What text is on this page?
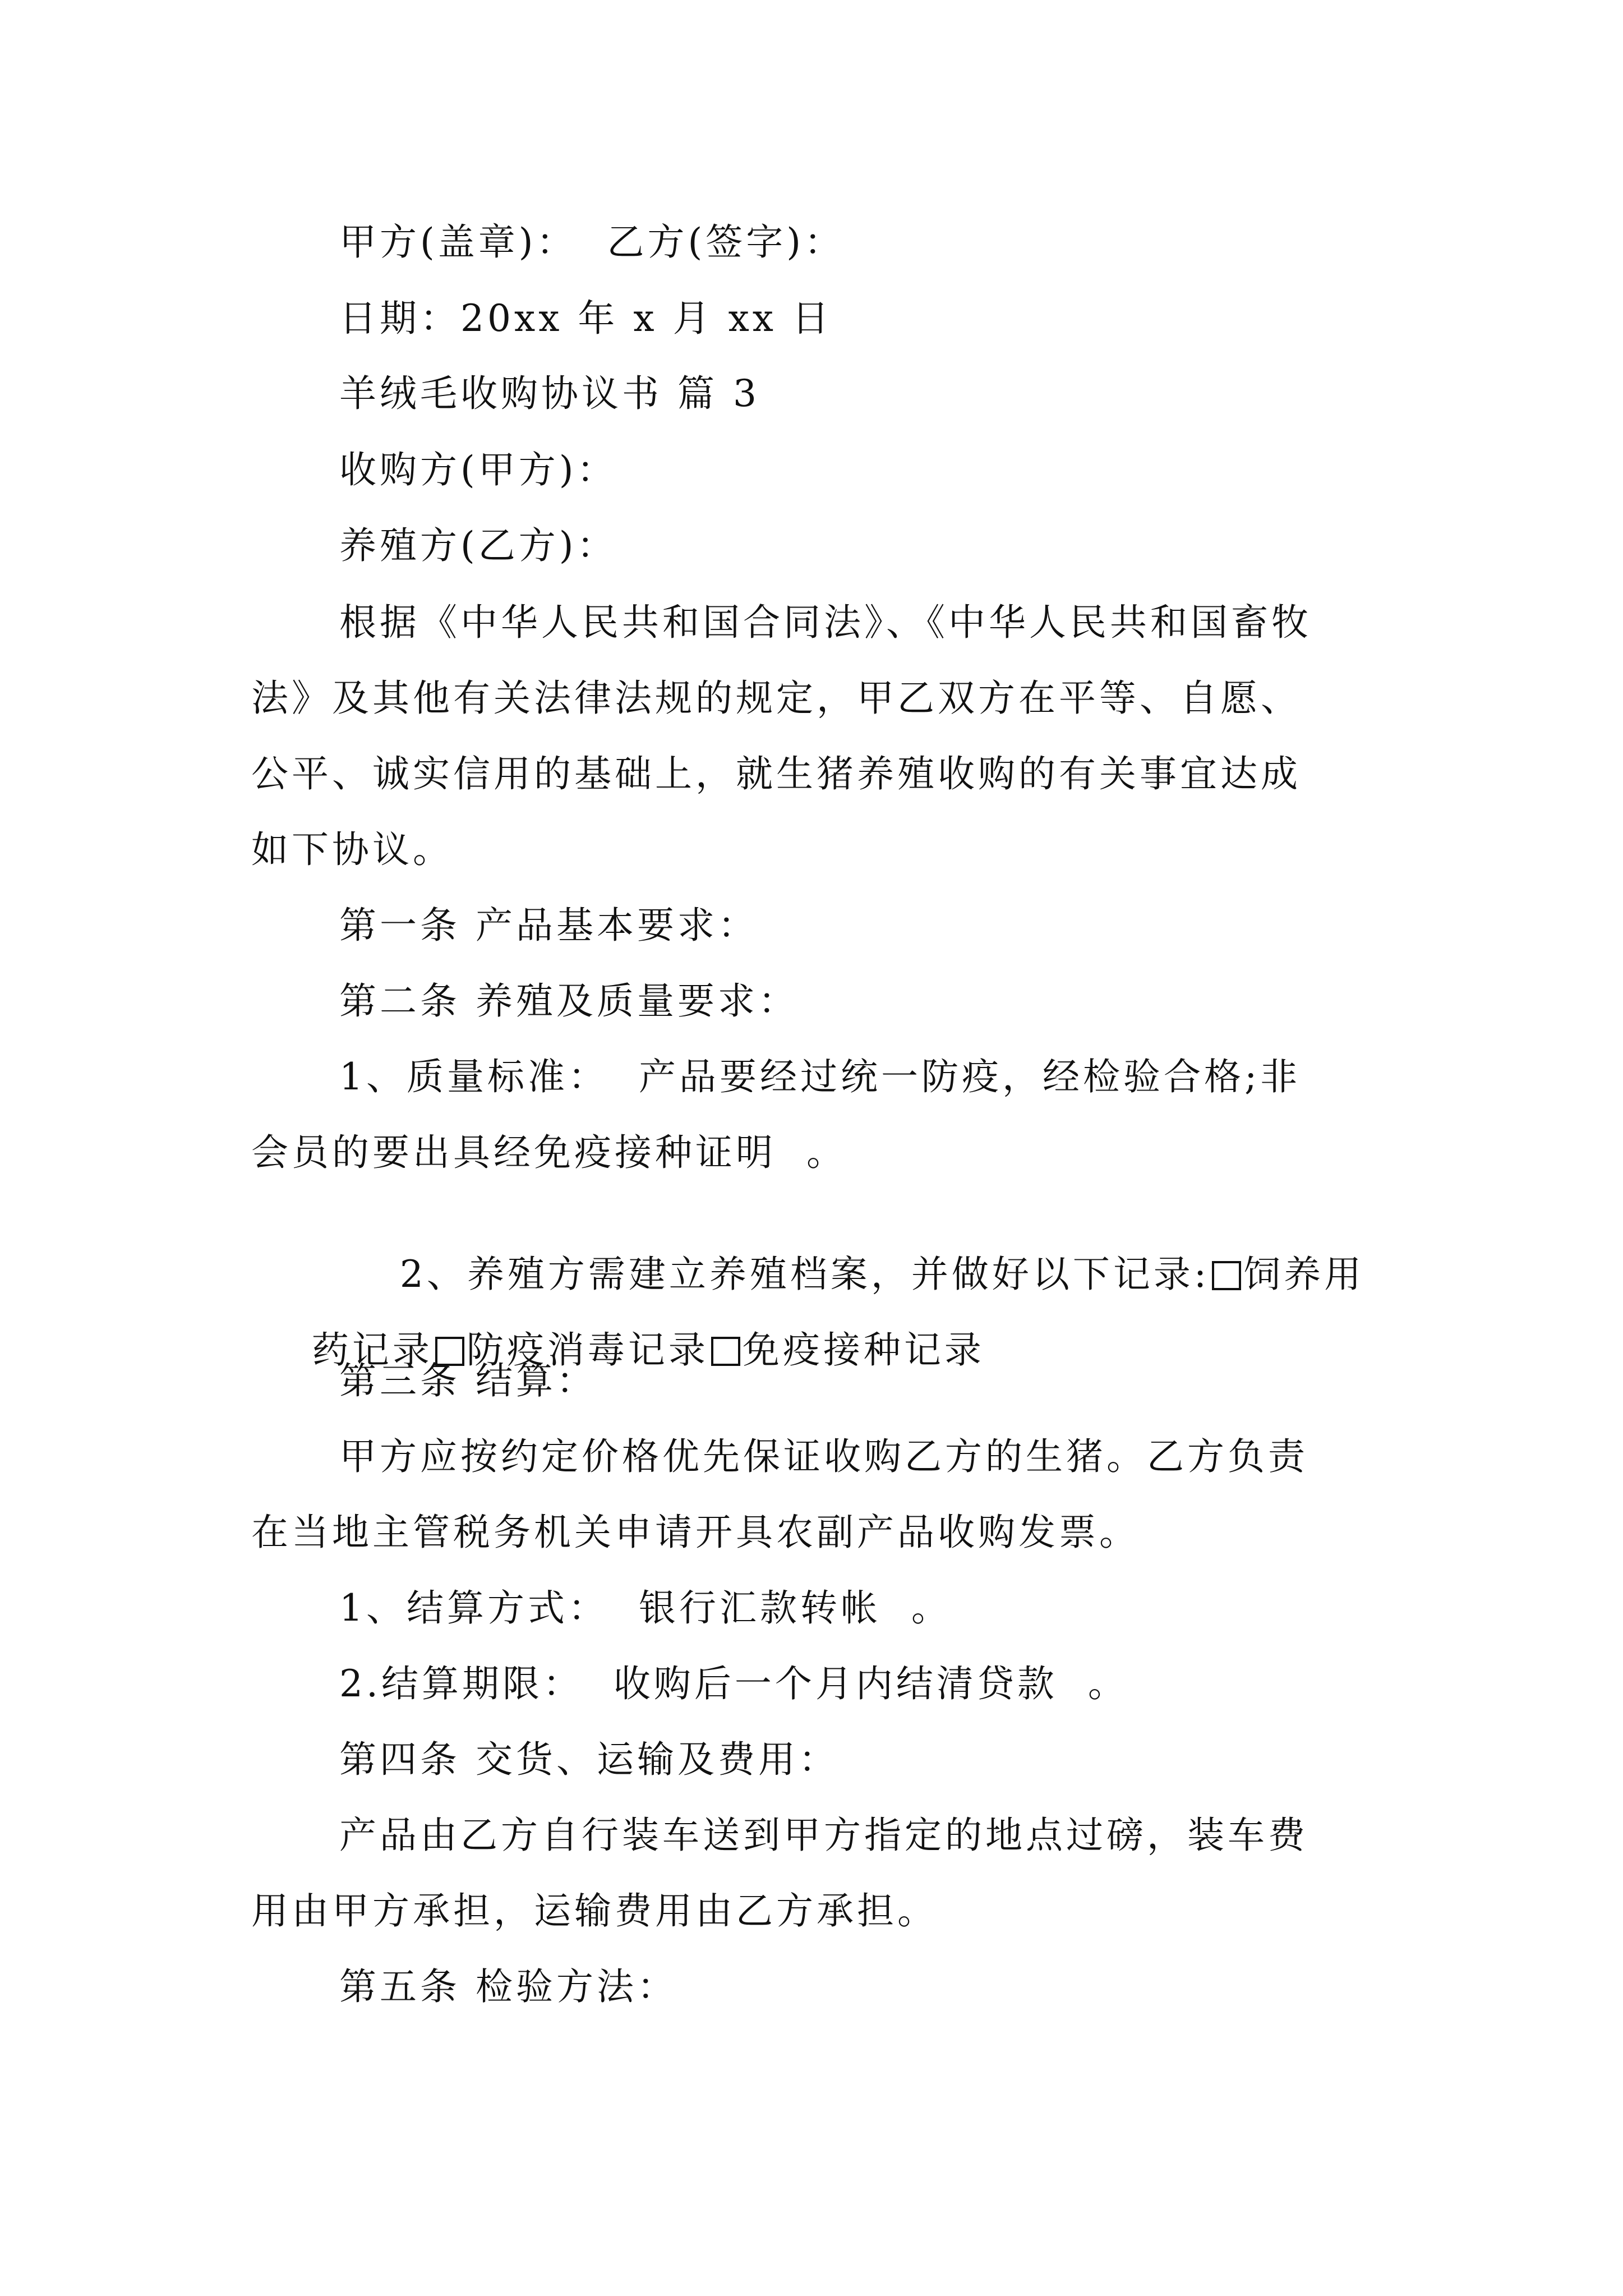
甲方(盖章)：  乙方(签字)：
日期：20xx 年 x 月 xx 日
羊绒毛收购协议书 篇 3
收购方(甲方)：
养殖方(乙方)：
根据《中华人民共和国合同法》、《中华人民共和国畜牧
法》及其他有关法律法规的规定，甲乙双方在平等、自愿、
公平、诚实信用的基础上，就生猪养殖收购的有关事宜达成
如下协议。
第一条 产品基本要求：
第二条 养殖及质量要求：
1、质量标准：  产品要经过统一防疫，经检验合格;非
会员的要出具经免疫接种证明  。

2、养殖方需建立养殖档案，并做好以下记录: 饲养用

药记录 防疫消毒记录 免疫接种记录

第三条 结算：
甲方应按约定价格优先保证收购乙方的生猪。乙方负责
在当地主管税务机关申请开具农副产品收购发票。
1、结算方式：  银行汇款转帐  。
2.结算期限：  收购后一个月内结清贷款  。
第四条 交货、运输及费用：
产品由乙方自行装车送到甲方指定的地点过磅，装车费
用由甲方承担，运输费用由乙方承担。
第五条 检验方法：
